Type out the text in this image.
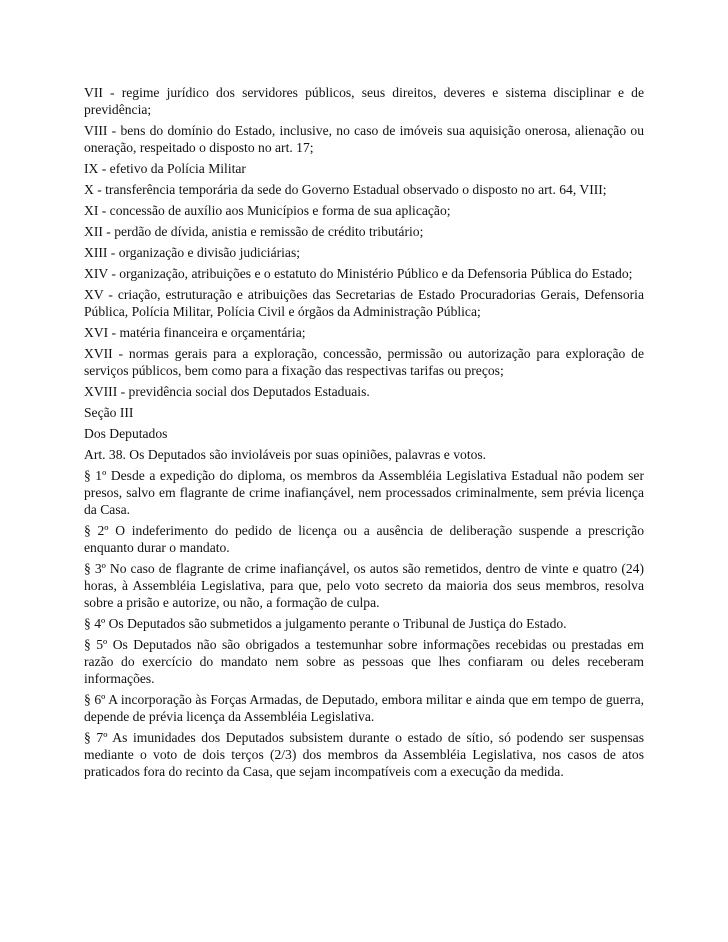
VII - regime jurídico dos servidores públicos, seus direitos, deveres e sistema disciplinar e de previdência;

VIII - bens do domínio do Estado, inclusive, no caso de imóveis sua aquisição onerosa, alienação ou oneração, respeitado o disposto no art. 17;

IX - efetivo da Polícia Militar

X - transferência temporária da sede do Governo Estadual observado o disposto no art. 64, VIII;

XI - concessão de auxílio aos Municípios e forma de sua aplicação;

XII - perdão de dívida, anistia e remissão de crédito tributário;

XIII - organização e divisão judiciárias;

XIV - organização, atribuições e o estatuto do Ministério Público e da Defensoria Pública do Estado;

XV - criação, estruturação e atribuições das Secretarias de Estado Procuradorias Gerais, Defensoria Pública, Polícia Militar, Polícia Civil e órgãos da Administração Pública;

XVI - matéria financeira e orçamentária;

XVII - normas gerais para a exploração, concessão, permissão ou autorização para exploração de serviços públicos, bem como para a fixação das respectivas tarifas ou preços;

XVIII - previdência social dos Deputados Estaduais.

Seção III

Dos Deputados

Art. 38. Os Deputados são invioláveis por suas opiniões, palavras e votos.

§ 1º Desde a expedição do diploma, os membros da Assembléia Legislativa Estadual não podem ser presos, salvo em flagrante de crime inafiançável, nem processados criminalmente, sem prévia licença da Casa.

§ 2º O indeferimento do pedido de licença ou a ausência de deliberação suspende a prescrição enquanto durar o mandato.

§ 3º No caso de flagrante de crime inafiançável, os autos são remetidos, dentro de vinte e quatro (24) horas, à Assembléia Legislativa, para que, pelo voto secreto da maioria dos seus membros, resolva sobre a prisão e autorize, ou não, a formação de culpa.

§ 4º Os Deputados são submetidos a julgamento perante o Tribunal de Justiça do Estado.

§ 5º Os Deputados não são obrigados a testemunhar sobre informações recebidas ou prestadas em razão do exercício do mandato nem sobre as pessoas que lhes confiaram ou deles receberam informações.

§ 6º A incorporação às Forças Armadas, de Deputado, embora militar e ainda que em tempo de guerra, depende de prévia licença da Assembléia Legislativa.

§ 7º As imunidades dos Deputados subsistem durante o estado de sítio, só podendo ser suspensas mediante o voto de dois terços (2/3) dos membros da Assembléia Legislativa, nos casos de atos praticados fora do recinto da Casa, que sejam incompatíveis com a execução da medida.
